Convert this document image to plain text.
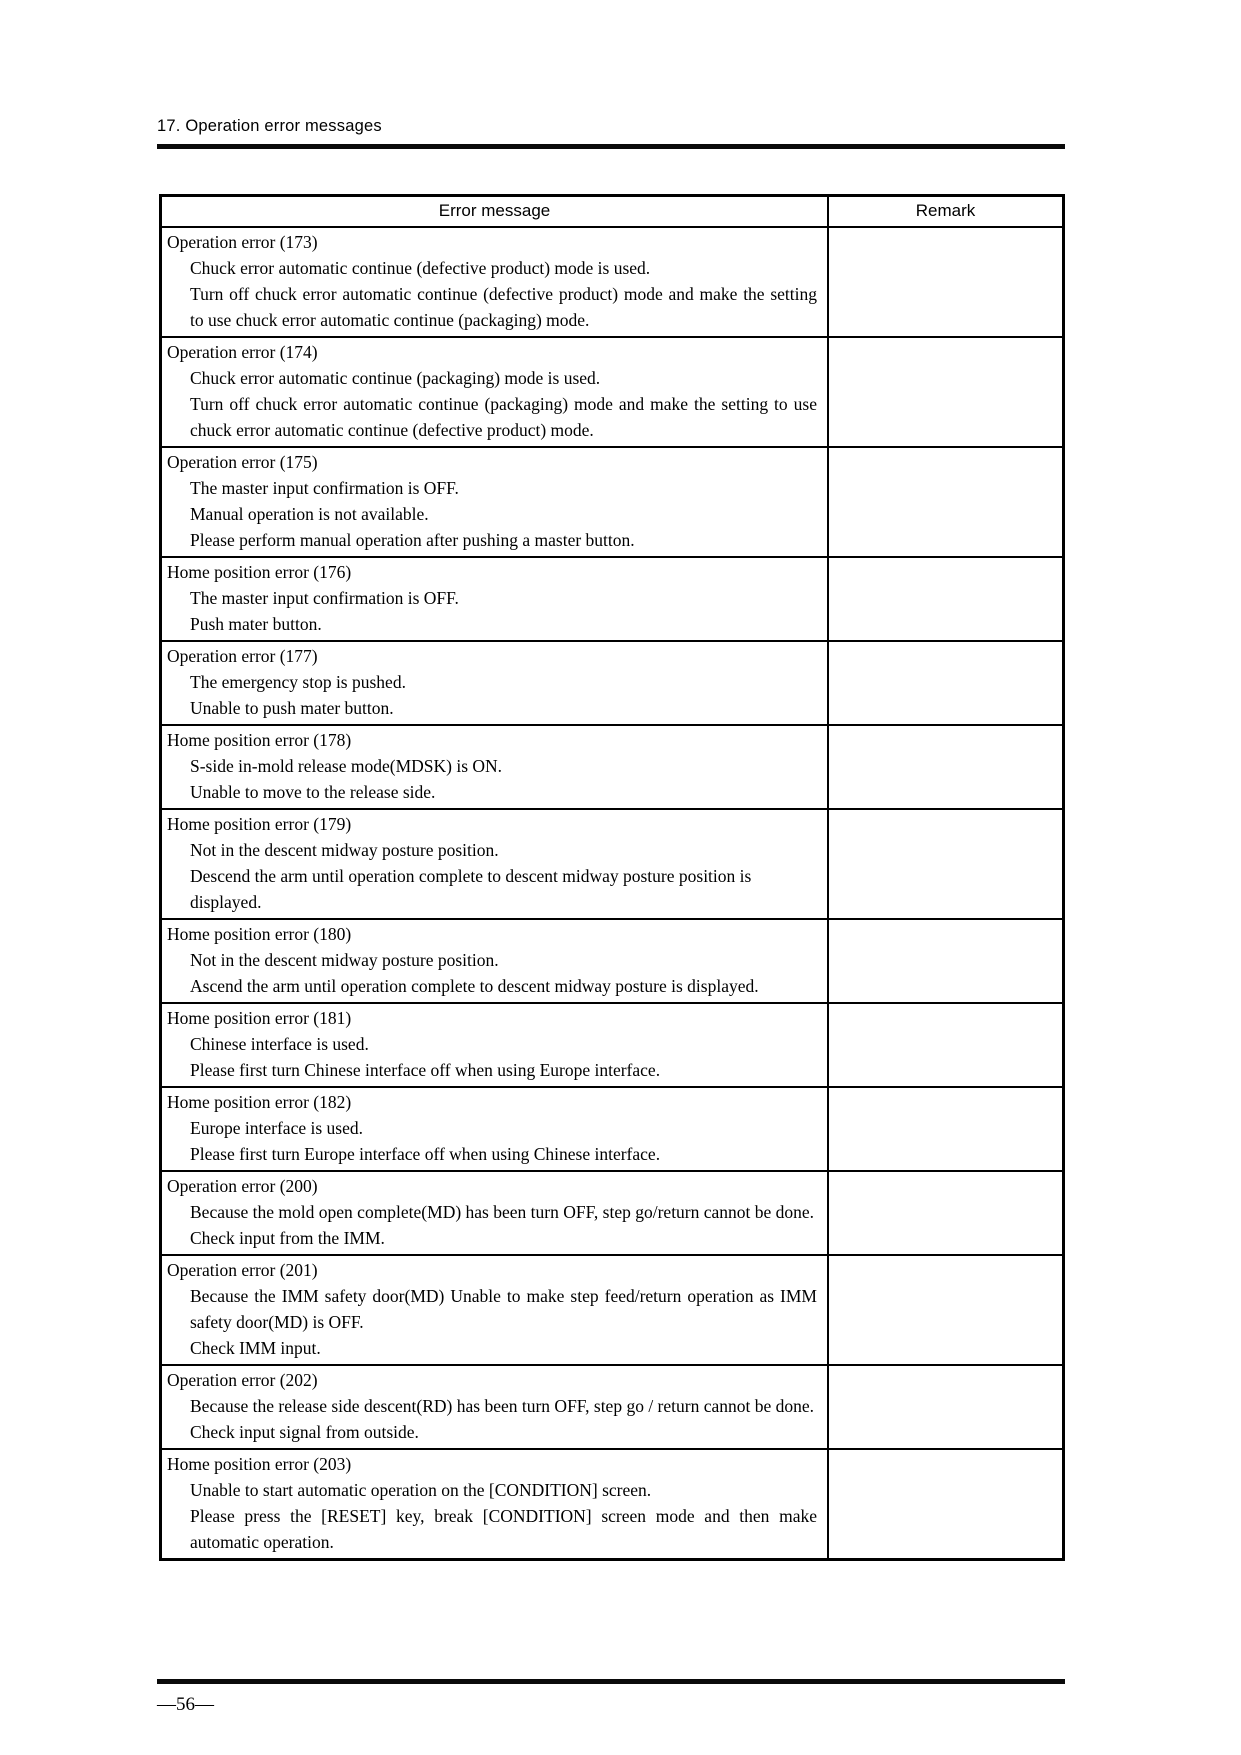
17. Operation error messages
Error message	Remark
Operation error (173)
Chuck error automatic continue (defective product) mode is used.
Turn off chuck error automatic continue (defective product) mode and make the setting to use chuck error automatic continue (packaging) mode.
Operation error (174)
Chuck error automatic continue (packaging) mode is used.
Turn off chuck error automatic continue (packaging) mode and make the setting to use chuck error automatic continue (defective product) mode.
Operation error (175)
The master input confirmation is OFF.
Manual operation is not available.
Please perform manual operation after pushing a master button.
Home position error (176)
The master input confirmation is OFF.
Push mater button.
Operation error (177)
The emergency stop is pushed.
Unable to push mater button.
Home position error (178)
S-side in-mold release mode(MDSK) is ON.
Unable to move to the release side.
Home position error (179)
Not in the descent midway posture position.
Descend the arm until operation complete to descent midway posture position is displayed.
Home position error (180)
Not in the descent midway posture position.
Ascend the arm until operation complete to descent midway posture is displayed.
Home position error (181)
Chinese interface is used.
Please first turn Chinese interface off when using Europe interface.
Home position error (182)
Europe interface is used.
Please first turn Europe interface off when using Chinese interface.
Operation error (200)
Because the mold open complete(MD) has been turn OFF, step go/return cannot be done.
Check input from the IMM.
Operation error (201)
Because the IMM safety door(MD) Unable to make step feed/return operation as IMM safety door(MD) is OFF.
Check IMM input.
Operation error (202)
Because the release side descent(RD) has been turn OFF, step go / return cannot be done.
Check input signal from outside.
Home position error (203)
Unable to start automatic operation on the [CONDITION] screen.
Please press the [RESET] key, break [CONDITION] screen mode and then make automatic operation.
—56—
